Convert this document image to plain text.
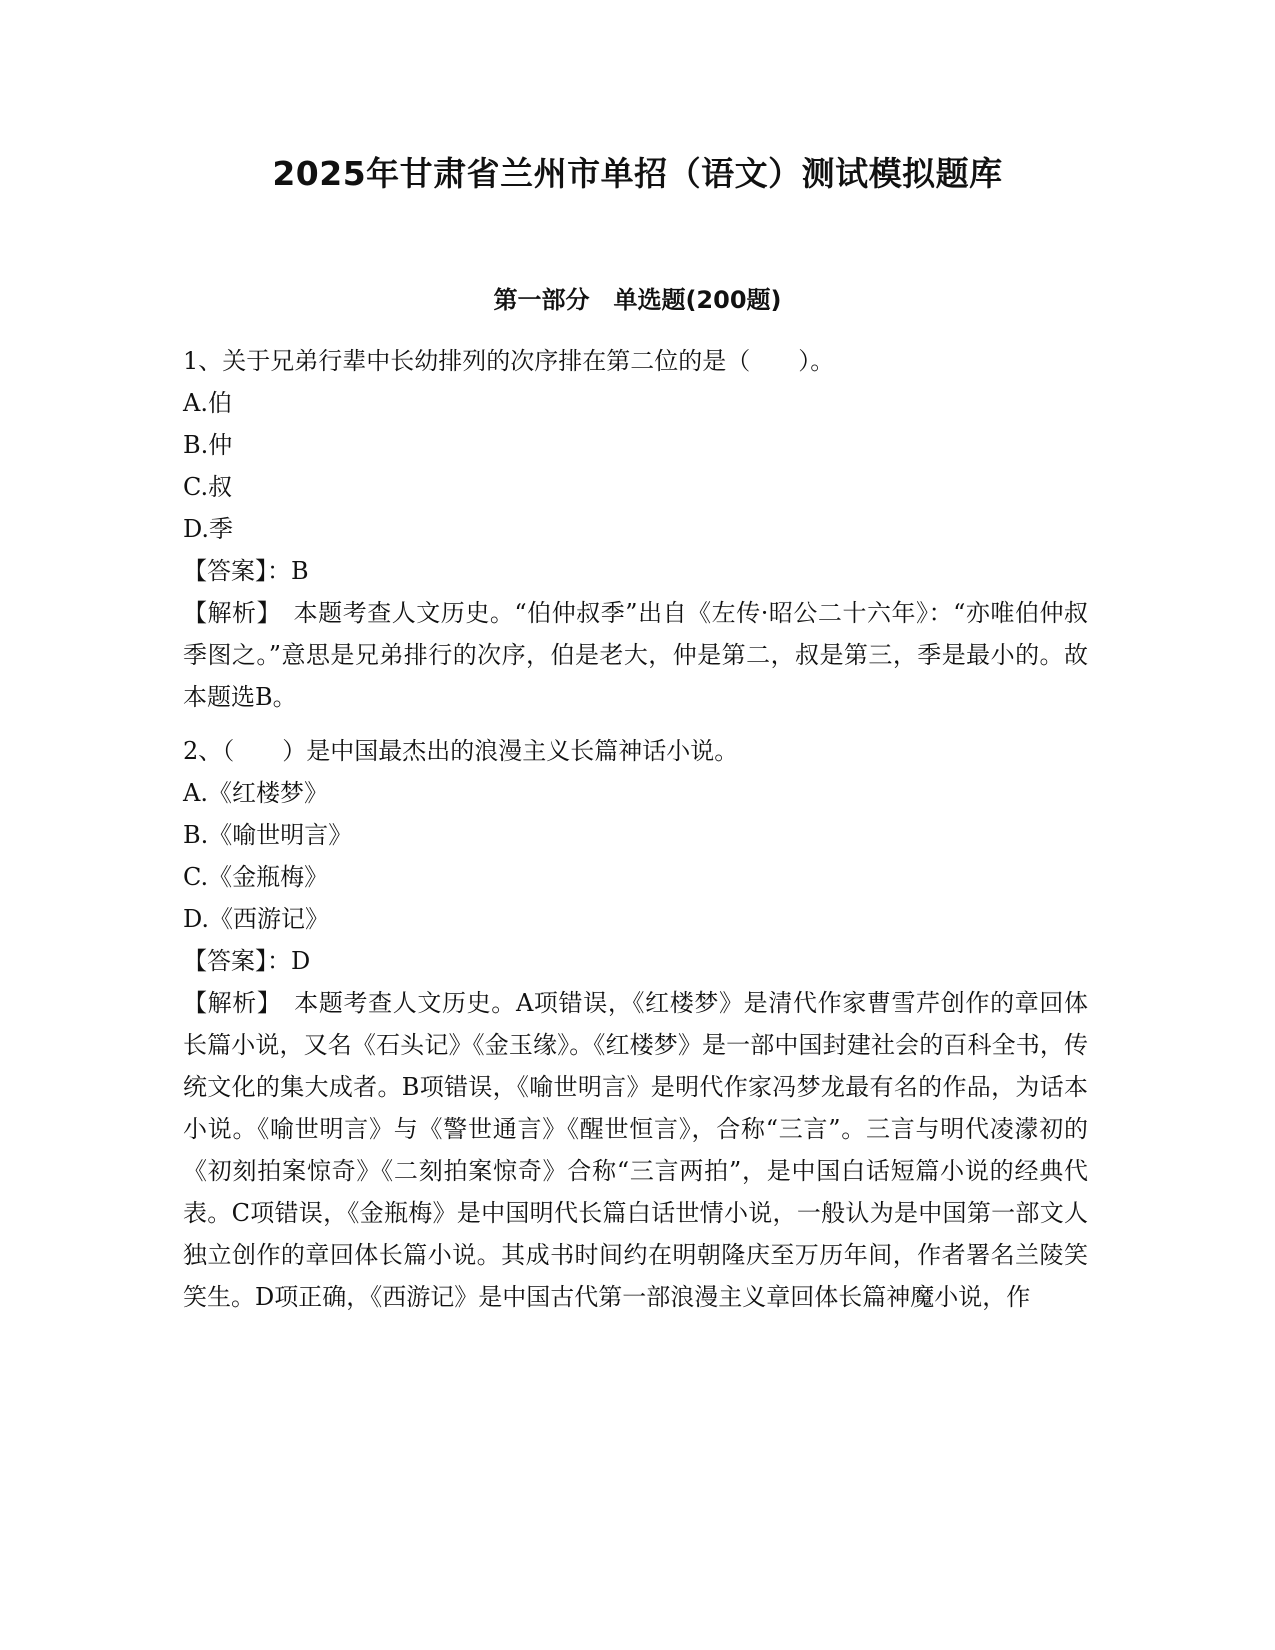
2025年甘肃省兰州市单招（语文）测试模拟题库
第一部分　单选题(200题)
1、关于兄弟行辈中长幼排列的次序排在第二位的是（　　）。
A.伯
B.仲
C.叔
D.季
【答案】：B
【解析】　本题考查人文历史。“伯仲叔季”出自《左传·昭公二十六年》：“亦唯伯仲叔季图之。”意思是兄弟排行的次序，伯是老大，仲是第二，叔是第三，季是最小的。故本题选B。
2、（　　）是中国最杰出的浪漫主义长篇神话小说。
A.《红楼梦》
B.《喻世明言》
C.《金瓶梅》
D.《西游记》
【答案】：D
【解析】　本题考查人文历史。A项错误，《红楼梦》是清代作家曹雪芹创作的章回体长篇小说，又名《石头记》《金玉缘》。《红楼梦》是一部中国封建社会的百科全书，传统文化的集大成者。B项错误，《喻世明言》是明代作家冯梦龙最有名的作品，为话本小说。《喻世明言》与《警世通言》《醒世恒言》，合称“三言”。三言与明代凌濛初的《初刻拍案惊奇》《二刻拍案惊奇》合称“三言两拍”，是中国白话短篇小说的经典代表。C项错误，《金瓶梅》是中国明代长篇白话世情小说，一般认为是中国第一部文人独立创作的章回体长篇小说。其成书时间约在明朝隆庆至万历年间，作者署名兰陵笑笑生。D项正确，《西游记》是中国古代第一部浪漫主义章回体长篇神魔小说，作
